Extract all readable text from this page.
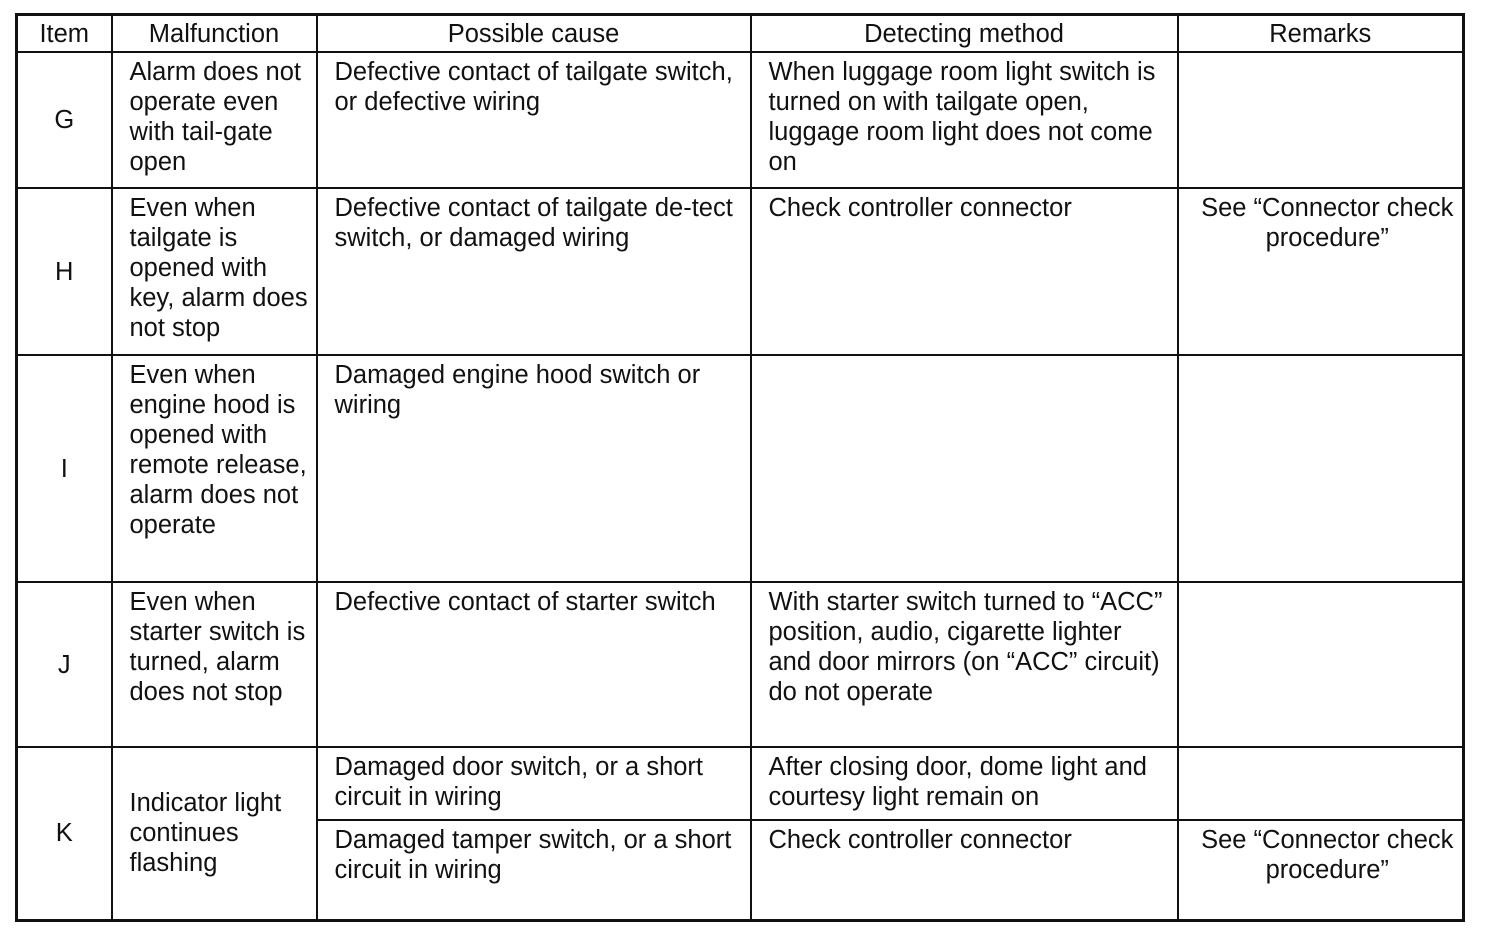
Item	Malfunction	Possible cause	Detecting method	Remarks
G	Alarm does not operate even with tail-gate open	Defective contact of tailgate switch, or defective wiring	When luggage room light switch is turned on with tailgate open, luggage room light does not come on	
H	Even when tailgate is opened with key, alarm does not stop	Defective contact of tailgate de-tect switch, or damaged wiring	Check controller connector	See “Connector check procedure”
I	Even when engine hood is opened with remote release, alarm does not operate	Damaged engine hood switch or wiring		
J	Even when starter switch is turned, alarm does not stop	Defective contact of starter switch	With starter switch turned to “ACC” position, audio, cigarette lighter and door mirrors (on “ACC” circuit) do not operate	
K	Indicator light continues flashing	Damaged door switch, or a short circuit in wiring	After closing door, dome light and courtesy light remain on	
		Damaged tamper switch, or a short circuit in wiring	Check controller connector	See “Connector check procedure”
